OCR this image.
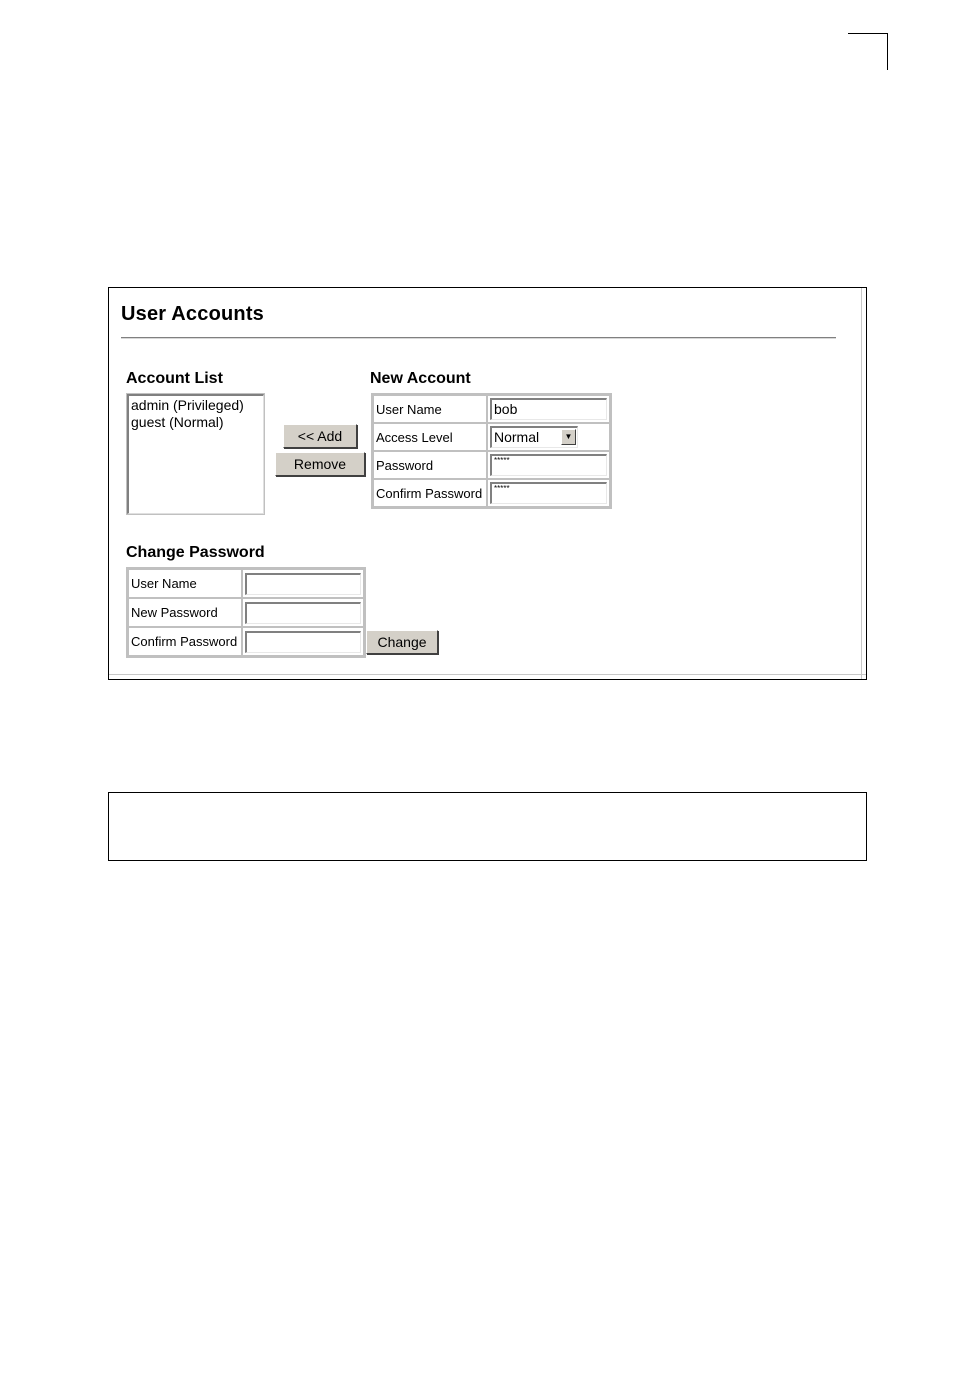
User Accounts
Account List
admin (Privileged)
guest (Normal)
<< Add
Remove
New Account
User Name	bob
Access Level	Normal ▼

Password	*****
Confirm Password	*****
Change Password
User Name	
New Password	
Confirm Password		Change
